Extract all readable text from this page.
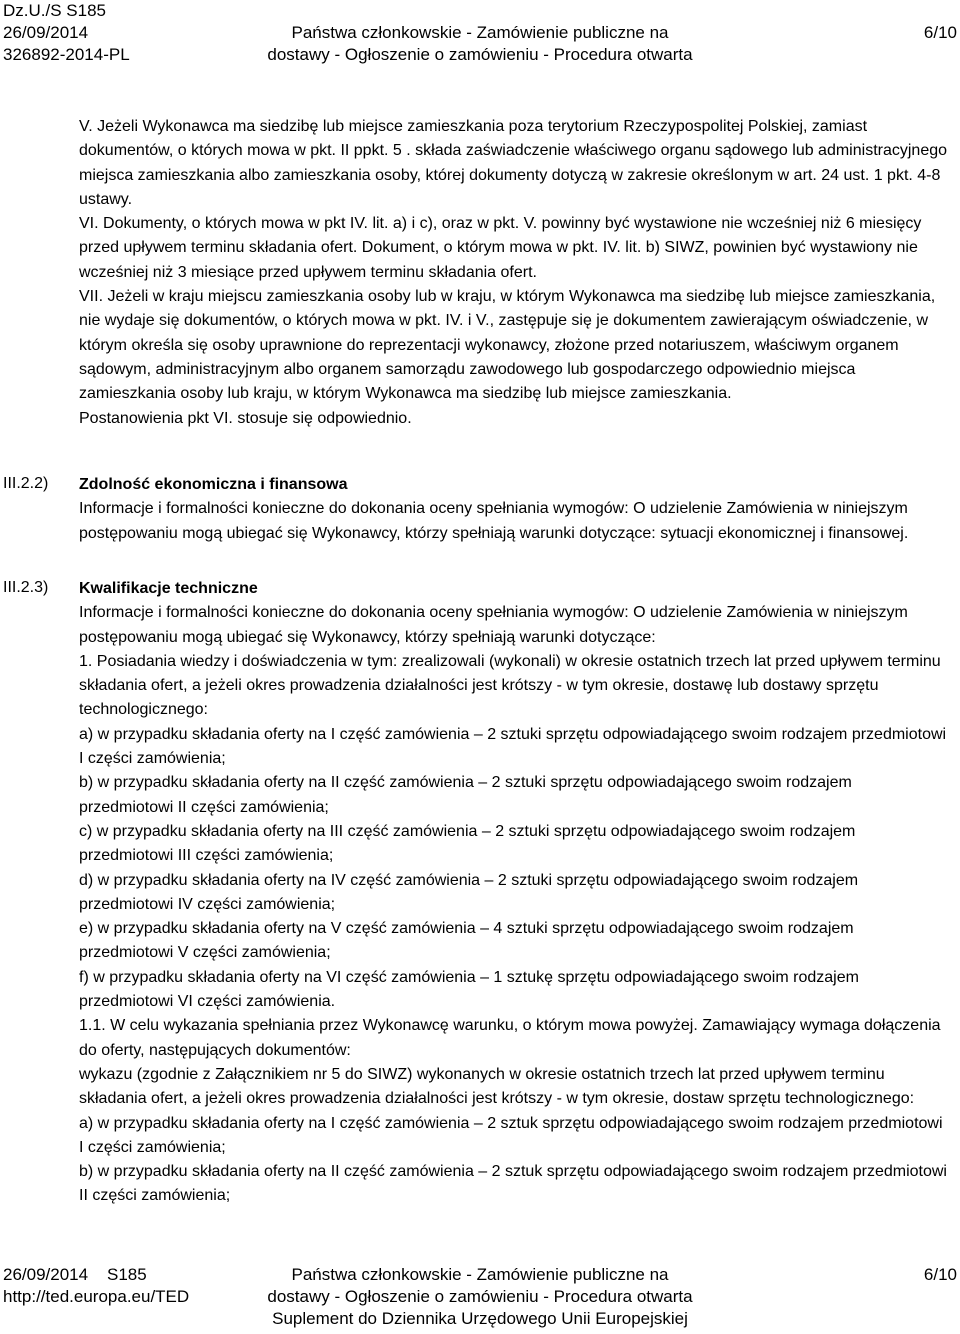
Dz.U./S S185
26/09/2014
326892-2014-PL
Państwa członkowskie - Zamówienie publiczne na
dostawy - Ogłoszenie o zamówieniu - Procedura otwarta
6/10

V. Jeżeli Wykonawca ma siedzibę lub miejsce zamieszkania poza terytorium Rzeczypospolitej Polskiej, zamiast dokumentów, o których mowa w pkt. II ppkt. 5 . składa zaświadczenie właściwego organu sądowego lub administracyjnego miejsca zamieszkania albo zamieszkania osoby, której dokumenty dotyczą w zakresie określonym w art. 24 ust. 1 pkt. 4-8 ustawy.

VI. Dokumenty, o których mowa w pkt IV. lit. a) i c), oraz w pkt. V. powinny być wystawione nie wcześniej niż 6 miesięcy przed upływem terminu składania ofert. Dokument, o którym mowa w pkt. IV. lit. b) SIWZ, powinien być wystawiony nie wcześniej niż 3 miesiące przed upływem terminu składania ofert.

VII. Jeżeli w kraju miejscu zamieszkania osoby lub w kraju, w którym Wykonawca ma siedzibę lub miejsce zamieszkania, nie wydaje się dokumentów, o których mowa w pkt. IV. i V., zastępuje się je dokumentem zawierającym oświadczenie, w którym określa się osoby uprawnione do reprezentacji wykonawcy, złożone przed notariuszem, właściwym organem sądowym, administracyjnym albo organem samorządu zawodowego lub gospodarczego odpowiednio miejsca zamieszkania osoby lub kraju, w którym Wykonawca ma siedzibę lub miejsce zamieszkania.

Postanowienia pkt VI. stosuje się odpowiednio.

III.2.2) Zdolność ekonomiczna i finansowa

Informacje i formalności konieczne do dokonania oceny spełniania wymogów: O udzielenie Zamówienia w niniejszym postępowaniu mogą ubiegać się Wykonawcy, którzy spełniają warunki dotyczące: sytuacji ekonomicznej i finansowej.

III.2.3) Kwalifikacje techniczne

Informacje i formalności konieczne do dokonania oceny spełniania wymogów: O udzielenie Zamówienia w niniejszym postępowaniu mogą ubiegać się Wykonawcy, którzy spełniają warunki dotyczące:

1. Posiadania wiedzy i doświadczenia w tym: zrealizowali (wykonali) w okresie ostatnich trzech lat przed upływem terminu składania ofert, a jeżeli okres prowadzenia działalności jest krótszy - w tym okresie, dostawę lub dostawy sprzętu technologicznego:

a) w przypadku składania oferty na I część zamówienia – 2 sztuki sprzętu odpowiadającego swoim rodzajem przedmiotowi I części zamówienia;

b) w przypadku składania oferty na II część zamówienia – 2 sztuki sprzętu odpowiadającego swoim rodzajem przedmiotowi II części zamówienia;

c) w przypadku składania oferty na III część zamówienia – 2 sztuki sprzętu odpowiadającego swoim rodzajem przedmiotowi III części zamówienia;

d) w przypadku składania oferty na IV część zamówienia – 2 sztuki sprzętu odpowiadającego swoim rodzajem przedmiotowi IV części zamówienia;

e) w przypadku składania oferty na V część zamówienia – 4 sztuki sprzętu odpowiadającego swoim rodzajem przedmiotowi V części zamówienia;

f) w przypadku składania oferty na VI część zamówienia – 1 sztukę sprzętu odpowiadającego swoim rodzajem przedmiotowi VI części zamówienia.

1.1. W celu wykazania spełniania przez Wykonawcę warunku, o którym mowa powyżej. Zamawiający wymaga dołączenia do oferty, następujących dokumentów:

wykazu (zgodnie z Załącznikiem nr 5 do SIWZ) wykonanych w okresie ostatnich trzech lat przed upływem terminu składania ofert, a jeżeli okres prowadzenia działalności jest krótszy - w tym okresie, dostaw sprzętu technologicznego:

a) w przypadku składania oferty na I część zamówienia – 2 sztuk sprzętu odpowiadającego swoim rodzajem przedmiotowi I części zamówienia;

b) w przypadku składania oferty na II część zamówienia – 2 sztuk sprzętu odpowiadającego swoim rodzajem przedmiotowi II części zamówienia;

26/09/2014    S185
http://ted.europa.eu/TED
Państwa członkowskie - Zamówienie publiczne na
dostawy - Ogłoszenie o zamówieniu - Procedura otwarta
Suplement do Dziennika Urzędowego Unii Europejskiej
6/10
